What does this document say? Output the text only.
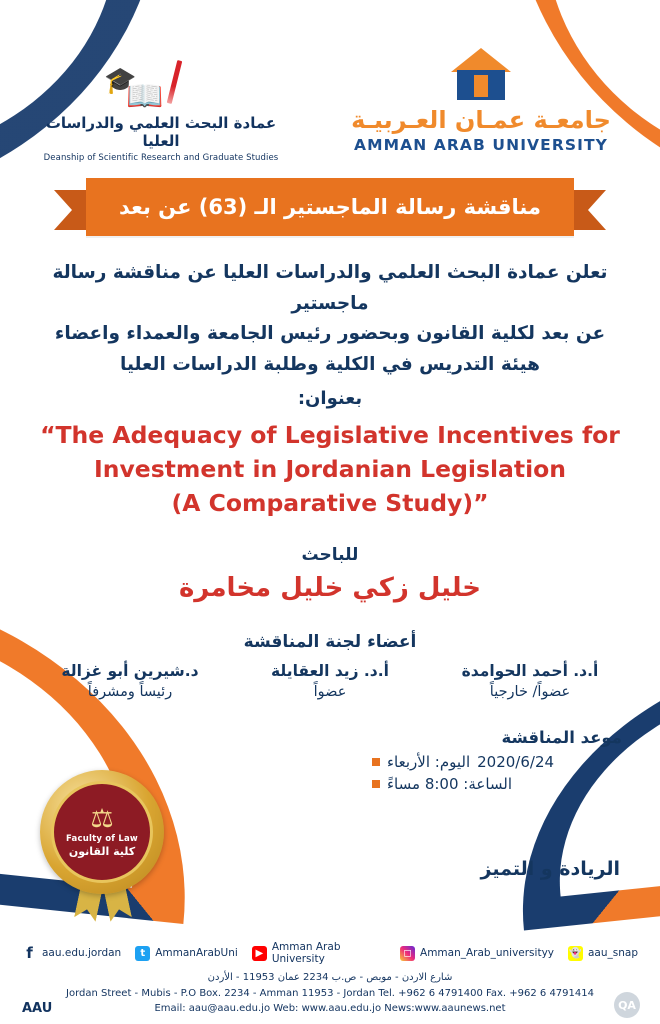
🎓
📖
عمادة البحث العلمي والدراسات العليا
Deanship of Scientific Research and Graduate Studies
جامعـة عمـان العـربيـة
AMMAN ARAB UNIVERSITY
مناقشة رسالة الماجستير الـ (63) عن بعد
تعلن عمادة البحث العلمي والدراسات العليا عن مناقشة رسالة ماجستير
عن بعد لكلية القانون وبحضور رئيس الجامعة والعمداء واعضاء
هيئة التدريس في الكلية وطلبة الدراسات العليا
بعنوان:
“The Adequacy of Legislative Incentives for
Investment in Jordanian Legislation
(A Comparative Study)”
للباحث
خليل زكي خليل مخامرة
أعضاء لجنة المناقشة
د.شيرين أبو غزالة
رئيساً ومشرفاً
أ.د. زيد العقايلة
عضواً
أ.د. أحمد الحوامدة
عضواً/ خارجياً
موعد المناقشة
اليوم: الأربعاء 2020/6/24
الساعة: 8:00 مساءً
⚖
Faculty of Law
كلية القانون
الريادة و التميز
f aau.edu.jordan	t AmmanArabUni	▶ Amman Arab University	◻ Amman_Arab_universityy 👻 aau_snap
شارع الاردن - موبص - ص.ب 2234 عمان 11953 - الأردن
Jordan Street - Mubis - P.O Box. 2234 - Amman 11953 - Jordan Tel. +962 6 4791400 Fax. +962 6 4791414
Email: aau@aau.edu.jo Web: www.aau.edu.jo News:www.aaunews.net
AAU	QA
